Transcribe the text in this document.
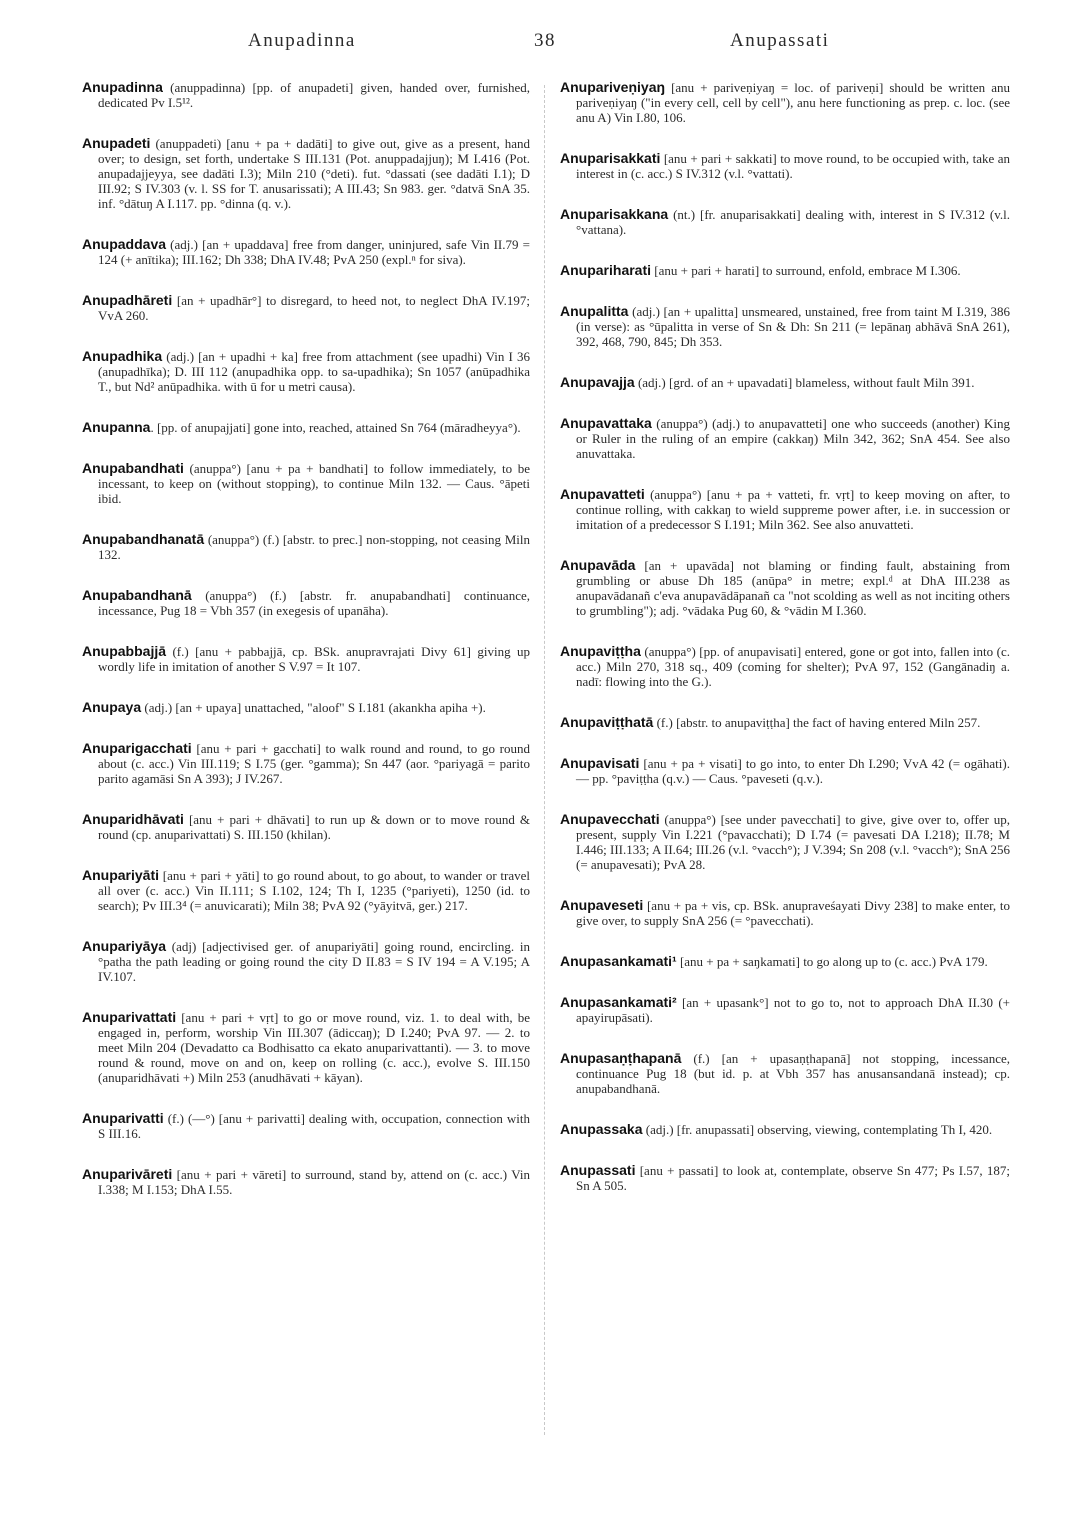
Anupadinna	38	Anupassati
Anupadinna (anuppadinna) [pp. of anupadeti] given, handed over, furnished, dedicated Pv I.5¹².
Anupadeti (anuppadeti) [anu + pa + dadāti] to give out, give as a present, hand over; to design, set forth, undertake S III.131 (Pot. anuppadajjuŋ); M I.416 (Pot. anupadajjeyya, see dadāti I.3); Miln 210 (°deti). fut. °dassati (see dadāti I.1); D III.92; S IV.303 (v. l. SS for T. anusarissati); A III.43; Sn 983. ger. °datvā SnA 35. inf. °dātuŋ A I.117. pp. °dinna (q. v.).
Anupaddava (adj.) [an + upaddava] free from danger, uninjured, safe Vin II.79 = 124 (+ anītika); III.162; Dh 338; DhA IV.48; PvA 250 (expl.ⁿ for siva).
Anupadhāreti [an + upadhār°] to disregard, to heed not, to neglect DhA IV.197; VvA 260.
Anupadhika (adj.) [an + upadhi + ka] free from attachment (see upadhi) Vin I 36 (anupadhīka); D. III 112 (anupadhika opp. to sa-upadhika); Sn 1057 (anūpadhika T., but Nd² anūpadhika. with ū for u metri causa).
Anupanna. [pp. of anupajjati] gone into, reached, attained Sn 764 (māradheyya°).
Anupabandhati (anuppa°) [anu + pa + bandhati] to follow immediately, to be incessant, to keep on (without stopping), to continue Miln 132. — Caus. °āpeti ibid.
Anupabandhanatā (anuppa°) (f.) [abstr. to prec.] non-stopping, not ceasing Miln 132.
Anupabandhanā (anuppa°) (f.) [abstr. fr. anupabandhati] continuance, incessance, Pug 18 = Vbh 357 (in exegesis of upanāha).
Anupabbajjā (f.) [anu + pabbajjā, cp. BSk. anupravrajati Divy 61] giving up wordly life in imitation of another S V.97 = It 107.
Anupaya (adj.) [an + upaya] unattached, "aloof" S I.181 (akankha apiha +).
Anuparigacchati [anu + pari + gacchati] to walk round and round, to go round about (c. acc.) Vin III.119; S I.75 (ger. °gamma); Sn 447 (aor. °pariyagā = parito parito agamāsi Sn A 393); J IV.267.
Anuparidhāvati [anu + pari + dhāvati] to run up & down or to move round & round (cp. anuparivattati) S. III.150 (khilan).
Anupariyāti [anu + pari + yāti] to go round about, to go about, to wander or travel all over (c. acc.) Vin II.111; S I.102, 124; Th I, 1235 (°pariyeti), 1250 (id. to search); Pv III.3⁴ (= anuvicarati); Miln 38; PvA 92 (°yāyitvā, ger.) 217.
Anupariyāya (adj) [adjectivised ger. of anupariyāti] going round, encircling. in °patha the path leading or going round the city D II.83 = S IV 194 = A V.195; A IV.107.
Anuparivattati [anu + pari + vṛt] to go or move round, viz. 1. to deal with, be engaged in, perform, worship Vin III.307 (ādiccaŋ); D I.240; PvA 97. — 2. to meet Miln 204 (Devadatto ca Bodhisatto ca ekato anuparivattanti). — 3. to move round & round, move on and on, keep on rolling (c. acc.), evolve S. III.150 (anuparidhāvati +) Miln 253 (anudhāvati + kāyan).
Anuparivatti (f.) (—°) [anu + parivatti] dealing with, occupation, connection with S III.16.
Anuparivāreti [anu + pari + vāreti] to surround, stand by, attend on (c. acc.) Vin I.338; M I.153; DhA I.55.
Anupariveṇiyaŋ [anu + pariveṇiyaŋ = loc. of pariveṇi] should be written anu pariveṇiyaŋ ("in every cell, cell by cell"), anu here functioning as prep. c. loc. (see anu A) Vin I.80, 106.
Anuparisakkati [anu + pari + sakkati] to move round, to be occupied with, take an interest in (c. acc.) S IV.312 (v.l. °vattati).
Anuparisakkana (nt.) [fr. anuparisakkati] dealing with, interest in S IV.312 (v.l. °vattana).
Anupariharati [anu + pari + harati] to surround, enfold, embrace M I.306.
Anupalitta (adj.) [an + upalitta] unsmeared, unstained, free from taint M I.319, 386 (in verse): as °ūpalitta in verse of Sn & Dh: Sn 211 (= lepānaŋ abhāvā SnA 261), 392, 468, 790, 845; Dh 353.
Anupavajja (adj.) [grd. of an + upavadati] blameless, without fault Miln 391.
Anupavattaka (anuppa°) (adj.) to anupavatteti] one who succeeds (another) King or Ruler in the ruling of an empire (cakkaŋ) Miln 342, 362; SnA 454. See also anuvattaka.
Anupavatteti (anuppa°) [anu + pa + vatteti, fr. vṛt] to keep moving on after, to continue rolling, with cakkaŋ to wield suppreme power after, i.e. in succession or imitation of a predecessor S I.191; Miln 362. See also anuvatteti.
Anupavāda [an + upavāda] not blaming or finding fault, abstaining from grumbling or abuse Dh 185 (anūpa° in metre; expl.ᵈ at DhA III.238 as anupavādanañ c'eva anupavādāpanañ ca "not scolding as well as not inciting others to grumbling"); adj. °vādaka Pug 60, & °vādin M I.360.
Anupaviṭṭha (anuppa°) [pp. of anupavisati] entered, gone or got into, fallen into (c. acc.) Miln 270, 318 sq., 409 (coming for shelter); PvA 97, 152 (Gangānadiŋ a. nadī: flowing into the G.).
Anupaviṭṭhatā (f.) [abstr. to anupaviṭṭha] the fact of having entered Miln 257.
Anupavisati [anu + pa + visati] to go into, to enter Dh I.290; VvA 42 (= ogāhati). — pp. °paviṭṭha (q.v.) — Caus. °paveseti (q.v.).
Anupavecchati (anuppa°) [see under pavecchati] to give, give over to, offer up, present, supply Vin I.221 (°pavacchati); D I.74 (= pavesati DA I.218); II.78; M I.446; III.133; A II.64; III.26 (v.l. °vacch°); J V.394; Sn 208 (v.l. °vacch°); SnA 256 (= anupavesati); PvA 28.
Anupaveseti [anu + pa + vis, cp. BSk. anupraveśayati Divy 238] to make enter, to give over, to supply SnA 256 (= °pavecchati).
Anupasankamati¹ [anu + pa + saŋkamati] to go along up to (c. acc.) PvA 179.
Anupasankamati² [an + upasank°] not to go to, not to approach DhA II.30 (+ apayirupāsati).
Anupasaṇṭhapanā (f.) [an + upasaṇṭhapanā] not stopping, incessance, continuance Pug 18 (but id. p. at Vbh 357 has anusansandanā instead); cp. anupabandhanā.
Anupassaka (adj.) [fr. anupassati] observing, viewing, contemplating Th I, 420.
Anupassati [anu + passati] to look at, contemplate, observe Sn 477; Ps I.57, 187; Sn A 505.
